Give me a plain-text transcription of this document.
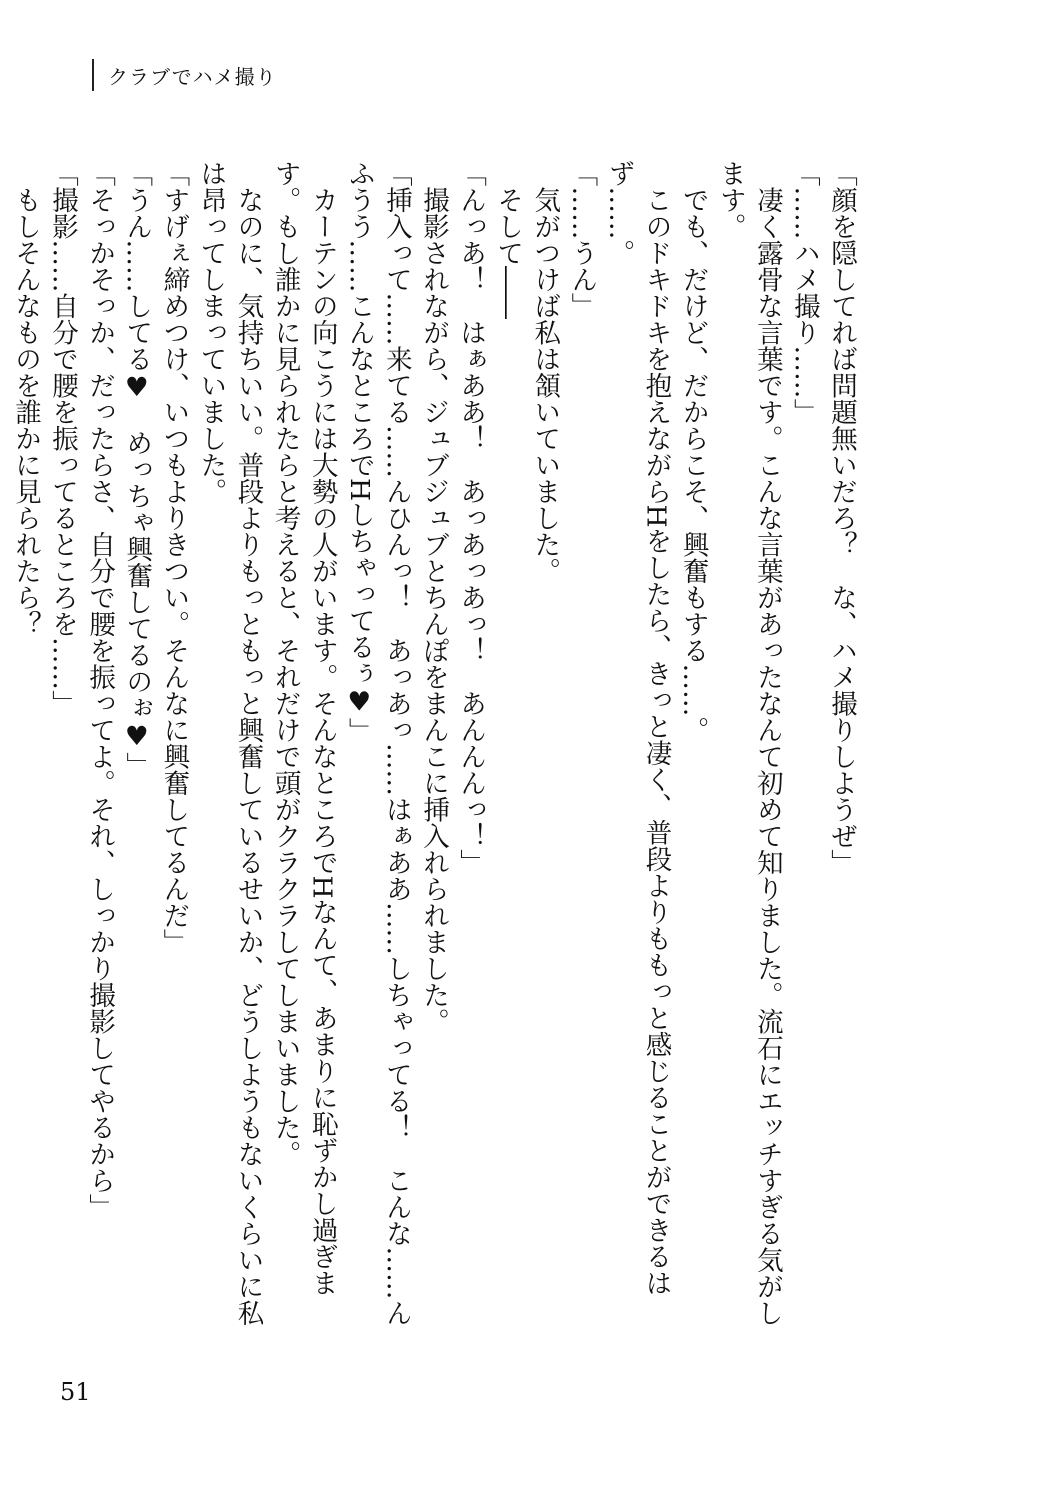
クラブでハメ撮り

「顔を隠してれば問題無いだろ？　な、ハメ撮りしようぜ」

「……ハメ撮り……」

　凄く露骨な言葉です。こんな言葉があったなんて初めて知りました。流石にエッチすぎる気がします。

　でも、だけど、だからこそ、興奮もする……。

　このドキドキを抱えながらHをしたら、きっと凄く、普段よりももっと感じることができるはず……。

「……うん」

　気がつけば私は頷いていました。

　そして――

「んっあ！　はぁああ！　あっあっあっ！　あんんんっ！」

　撮影されながら、ジュブジュブとちんぽをまんこに挿入れられました。

「挿入って……来てる……んひんっ！　あっあっ……はぁああ……しちゃってる！　こんな……んふうう……こんなところでHしちゃってるぅ♥」

　カーテンの向こうには大勢の人がいます。そんなところでHなんて、あまりに恥ずかし過ぎます。もし誰かに見られたらと考えると、それだけで頭がクラクラしてしまいました。

　なのに、気持ちいい。普段よりもっともっと興奮しているせいか、どうしようもないくらいに私は昂ってしまっていました。

「すげぇ締めつけ、いつもよりきつい。そんなに興奮してるんだ」

「うん……してる♥　めっちゃ興奮してるのぉ♥」

「そっかそっか、だったらさ、自分で腰を振ってよ。それ、しっかり撮影してやるから」

「撮影……自分で腰を振ってるところを……」

　もしそんなものを誰かに見られたら？

51
